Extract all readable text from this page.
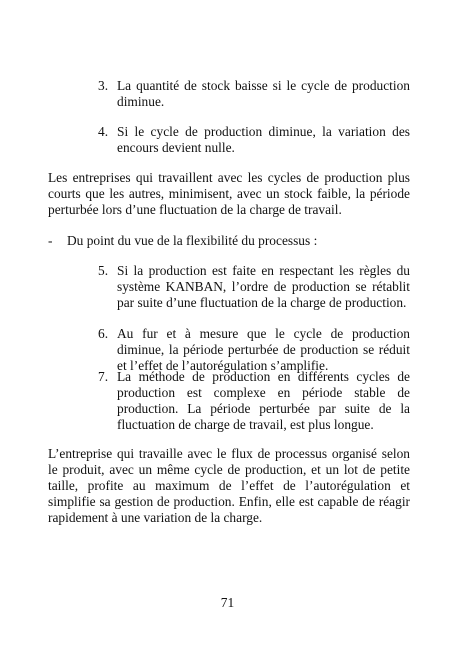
3. La quantité de stock baisse si le cycle de production diminue.
4. Si le cycle de production diminue, la variation des encours devient nulle.

Les entreprises qui travaillent avec les cycles de production plus courts que les autres, minimisent, avec un stock faible, la période perturbée lors d’une fluctuation de la charge de travail.

- Du point du vue de la flexibilité du processus :
5. Si la production est faite en respectant les règles du système KANBAN, l’ordre de production se rétablit par suite d’une fluctuation de la charge de production.
6. Au fur et à mesure que le cycle de production diminue, la période perturbée de production se réduit et l’effet de l’autorégulation s’amplifie.
7. La méthode de production en différents cycles de production est complexe en période stable de production. La période perturbée par suite de la fluctuation de charge de travail, est plus longue.

L’entreprise qui travaille avec le flux de processus organisé selon le produit, avec un même cycle de production, et un lot de petite taille, profite au maximum de l’effet de l’autorégulation et simplifie sa gestion de production. Enfin, elle est capable de réagir rapidement à une variation de la charge.

71
